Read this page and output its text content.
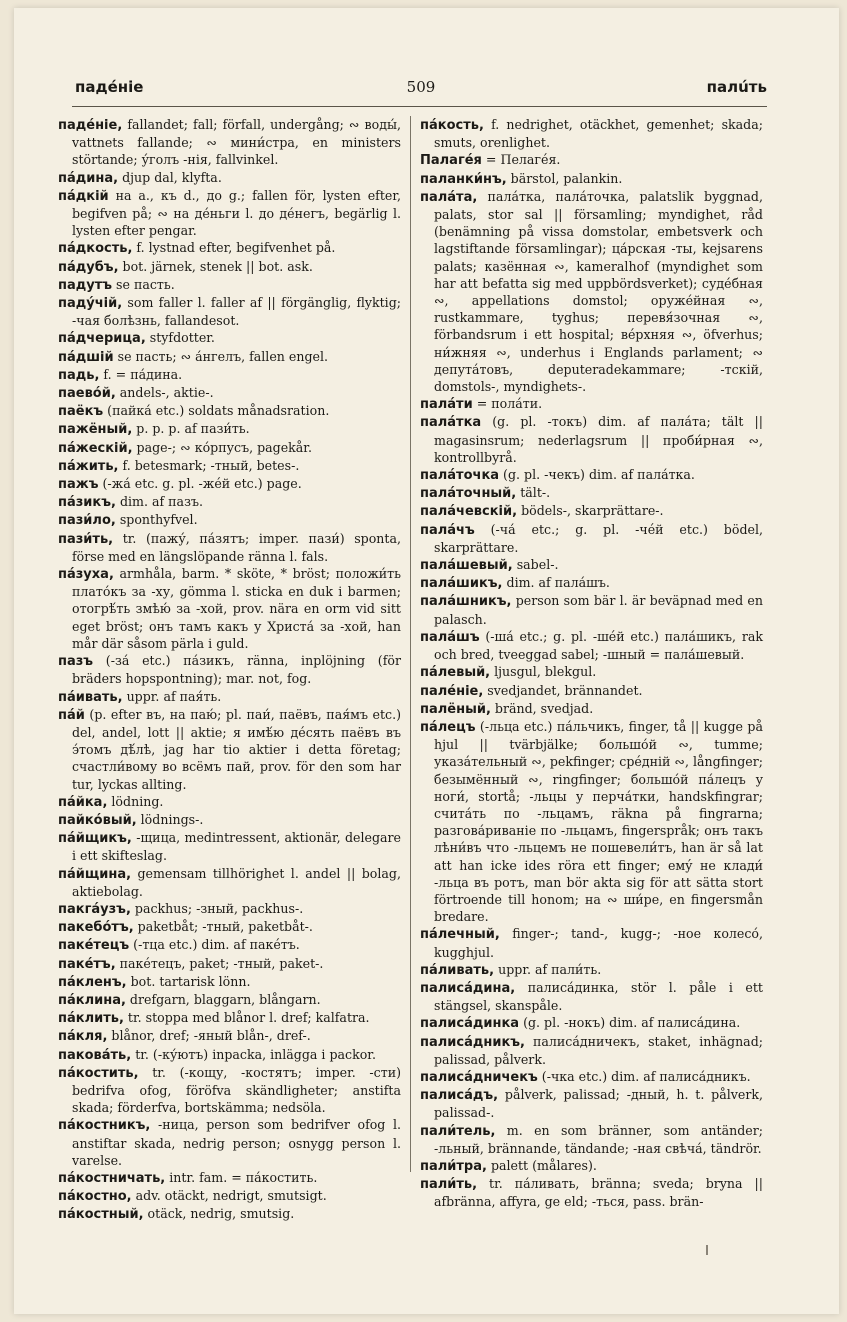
падéніе	509	палúть

падéніе, fallandet; fall; förfall, undergång; ∾ воды́, vattnets fallande; ∾ мини́стра, en ministers störtande; у́голъ -нія, fallvinkel.

па́дина, djup dal, klyfta.

па́дкій на a., къ d., до g.; fallen för, lysten efter, begifven på; ∾ на де́ньги l. до дéнегъ, begärlig l. lysten efter pengar.

па́дкость, f. lystnad efter, begifvenhet på.

па́дубъ, bot. järnek, stenek || bot. ask.

падутъ se пасть.

паду́чій, som faller l. faller af || förgänglig, flyktig; -чая болѣзнь, fallandesot.

па́дчерица, styfdotter.

па́дшій se пасть; ∾ а́нгелъ, fallen engel.

падь, f. = па́дина.

паево́й, andels-, aktie-.

паёкъ (пайка́ etc.) soldats månadsration.

пажёный, p. p. p. af пази́ть.

па́жескій, page-; ∾ ко́рпусъ, pagekår.

па́жить, f. betesmark; -тный, betes-.

пажъ (-жа́ etc. g. pl. -жéй etc.) page.

па́зикъ, dim. af пазъ.

пази́ло, sponthyfvel.

пази́ть, tr. (пажу́, па́зятъ; imper. пази́) sponta, förse med en längslöpande ränna l. fals.

па́зуха, armhåla, barm. * sköte, * bröst; положи́ть плато́къ за -ху, gömma l. sticka en duk i barmen; отогрѣ́ть змѣю́ за -хой, prov. nära en orm vid sitt eget bröst; онъ тамъ какъ у Христа́ за -хой, han mår där såsom pärla i guld.

пазъ (-за́ etc.) па́зикъ, ränna, inplöjning (för bräders hopspontning); mar. not, fog.

па́ивать, uppr. af пая́ть.

па́й (p. efter въ, на паю́; pl. паи́, паёвъ, пая́мъ etc.) del, andel, lott || aktie; я имѣ́ю дéсять паёвъ въ э́томъ дѣ́лѣ, jag har tio aktier i detta företag; счастли́вому во всёмъ пай, prov. för den som har tur, lyckas allting.

па́йка, lödning.

пайко́вый, lödnings-.

па́йщикъ, -щица, medintressent, aktionär, delegare i ett skifteslag.

па́йщина, gemensam tillhörighet l. andel || bolag, aktiebolag.

пакга́узъ, packhus; -зный, packhus-.

пакебо́тъ, paketbåt; -тный, paketbåt-.

пакéтецъ (-тца etc.) dim. af пакéтъ.

пакéтъ, пакéтецъ, paket; -тный, paket-.

па́кленъ, bot. tartarisk lönn.

па́клина, drefgarn, blaggarn, blångarn.

па́клить, tr. stoppa med blånor l. dref; kalfatra.

па́кля, blånor, dref; -яный blån-, dref-.

пакова́ть, tr. (-ку́ютъ) inpacka, inlägga i packor.

па́костить, tr. (-кощу, -костятъ; imper. -сти) bedrifva ofog, föröfva skändligheter; anstifta skada; förderfva, bortskämma; nedsöla.

па́костникъ, -ница, person som bedrifver ofog l. anstiftar skada, nedrig person; osnygg person l. varelse.

па́костничать, intr. fam. = па́костить.

па́костно, adv. otäckt, nedrigt, smutsigt.

па́костный, otäck, nedrig, smutsig.

па́кость, f. nedrighet, otäckhet, gemenhet; skadа; smuts, orenlighet.

Палагéя = Пелагéя.

паланки́нъ, bärstol, palankin.

пала́та, пала́тка, пала́точка, palatslik byggnad, palats, stor sal || församling; myndighet, råd (benämning på vissa domstolar, embetsverk och lagstiftande församlingar); ца́рская -ты, kejsarens palats; казённая ∾, kameralhof (myndighet som har att befatta sig med uppbördsverket); суде́бная ∾, appellations domstol; оруже́йная ∾, rustkammare, tyghus; перевя́зочная ∾, förbandsrum i ett hospital; вéрхняя ∾, öfverhus; ни́жняя ∾, underhus i Englands parlament; ∾ депута́товъ, deputeradekammare; -тскій, domstols-, myndighets-.

пала́ти = пола́ти.

пала́тка (g. pl. -токъ) dim. af пала́та; tält || magasinsrum; nederlagsrum || проби́рная ∾, kontrollbyrå.

пала́точка (g. pl. -чекъ) dim. af пала́тка.

пала́точный, tält-.

пала́чевскій, bödels-, skarprättare-.

пала́чъ (-ча́ etc.; g. pl. -чéй etc.) bödel, skarprättare.

пала́шевый, sabel-.

пала́шикъ, dim. af пала́шъ.

пала́шникъ, person som bär l. är beväpnad med en palasch.

пала́шъ (-ша́ etc.; g. pl. -шéй etc.) пала́шикъ, rak och bred, tveeggad sabel; -шный = пала́шевый.

па́левый, ljusgul, blekgul.

палéніе, svedjandet, brännandet.

палёный, bränd, svedjad.

па́лецъ (-льца etc.) па́льчикъ, finger, tå || kugge på hjul || tvärbjälke; большо́й ∾, tumme; указа́тельный ∾, pekfinger; срéдній ∾, långfinger; безымённый ∾, ringfinger; большо́й па́лецъ у ноги́, stortå; -льцы у перча́тки, handskfingrar; счита́ть по -льцамъ, räkna på fingrarna; разгова́риванiе по -льцамъ, fingerspråk; онъ такъ лѣни́въ что -льцемъ не пошевели́тъ, han är så lat att han icke ides röra ett finger; емý не клади́ -льца въ ротъ, man bör akta sig för att sätta stort förtroende till honom; на ∾ ши́ре, en fingersmån bredare.

па́лечный, finger-; tand-, kugg-; -ное колесо́, kugghjul.

па́ливать, uppr. af пали́ть.

палиса́дина, палиса́динка, stör l. påle i ett stängsel, skanspåle.

палиса́динка (g. pl. -нокъ) dim. af палиса́дина.

палиса́дникъ, палиса́дничекъ, staket, inhägnad; palissad, pålverk.

палиса́дничекъ (-чка etc.) dim. af палиса́дникъ.

палиса́дъ, pålverk, palissad; -дный, h. t. pålverk, palissad-.

пали́тель, m. en som bränner, som antänder; -льный, brännande, tändande; -ная свѣча́, tändrör.

пали́тра, palett (målares).

пали́ть, tr. па́ливать, bränna; sveda; bryna || afbränna, affyra, ge eld; -ться, pass. brän-
